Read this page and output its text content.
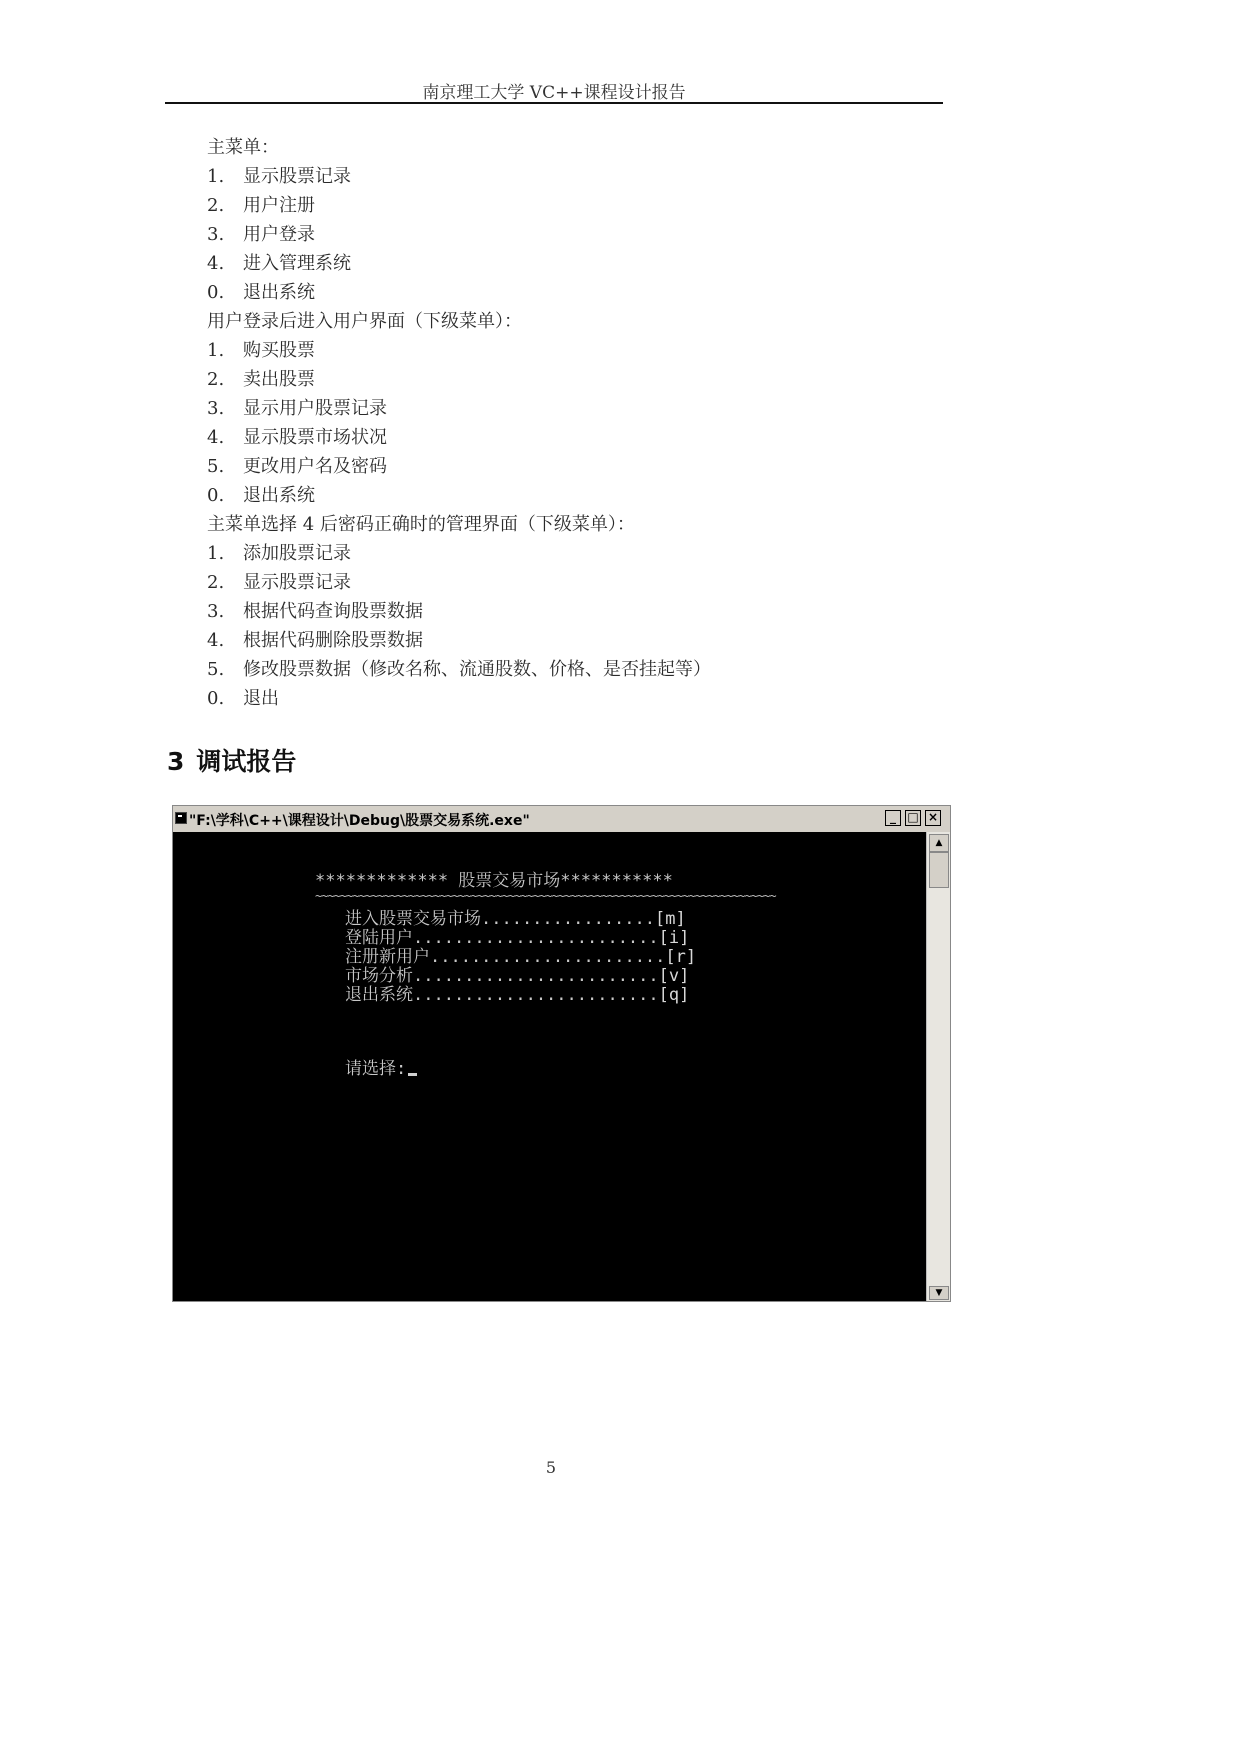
南京理工大学 VC++课程设计报告
主菜单：
1. 显示股票记录
2. 用户注册
3. 用户登录
4. 进入管理系统
0. 退出系统
用户登录后进入用户界面（下级菜单）：
1. 购买股票
2. 卖出股票
3. 显示用户股票记录
4. 显示股票市场状况
5. 更改用户名及密码
0. 退出系统
主菜单选择 4 后密码正确时的管理界面（下级菜单）：
1. 添加股票记录
2. 显示股票记录
3. 根据代码查询股票数据
4. 根据代码删除股票数据
5. 修改股票数据（修改名称、流通股数、价格、是否挂起等）
0. 退出
3 调试报告
"F:\学科\C++\课程设计\Debug\股票交易系统.exe"	_ □ ×
************* 股票交易市场***********
~~~~~~~~~~~~~~~~~~~~~~~~~~~~~~~~~~~~~~~~~~~~~~~~~~~~~~~~~~~~~~~~~~~~~~~~~~
进入股票交易市场.................[m]
登陆用户........................[i]
注册新用户.......................[r]
市场分析........................[v]
退出系统........................[q]
请选择:
▲
▼
5
